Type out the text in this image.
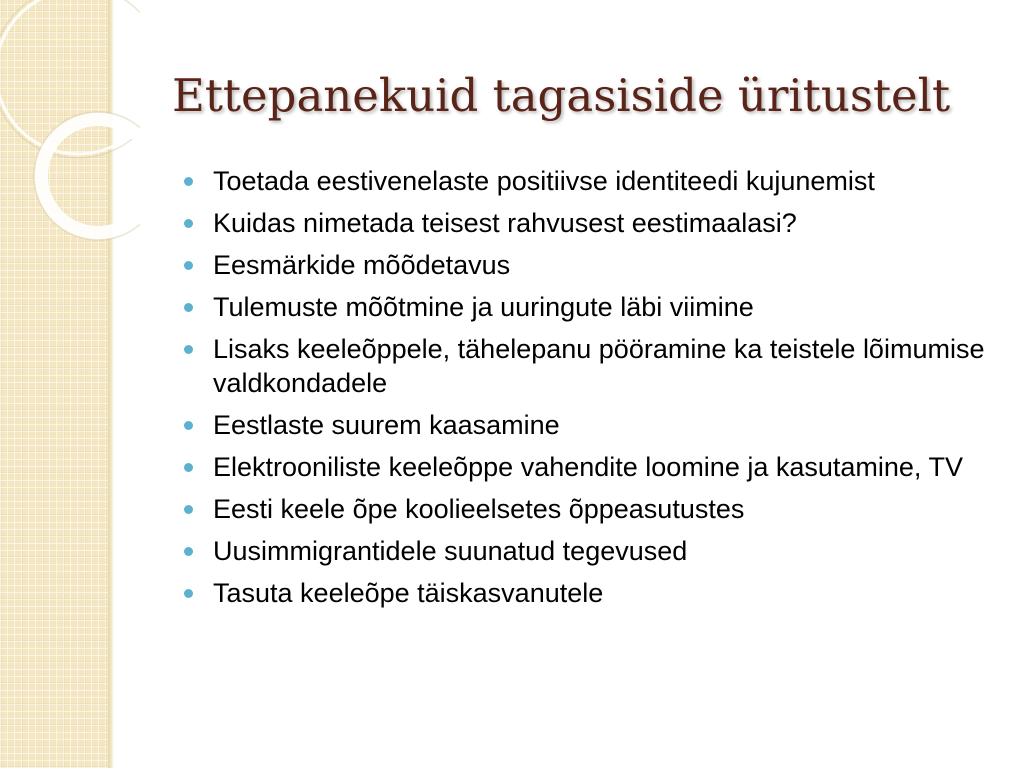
Ettepanekuid tagasiside üritustelt
Toetada eestivenelaste positiivse identiteedi kujunemist
Kuidas nimetada teisest rahvusest eestimaalasi?
Eesmärkide mõõdetavus
Tulemuste mõõtmine ja uuringute läbi viimine
Lisaks keeleõppele, tähelepanu pööramine ka teistele lõimumise valdkondadele
Eestlaste suurem kaasamine
Elektrooniliste keeleõppe vahendite loomine ja kasutamine, TV
Eesti keele õpe koolieelsetes õppeasutustes
Uusimmigrantidele suunatud tegevused
Tasuta keeleõpe täiskasvanutele
